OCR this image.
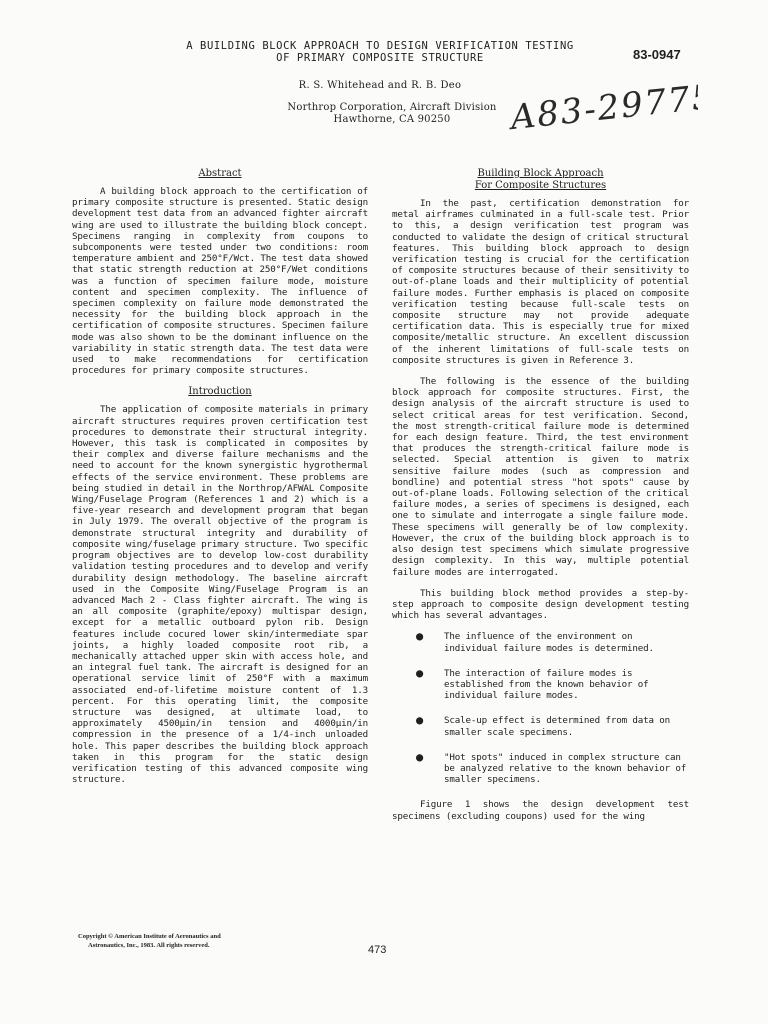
A BUILDING BLOCK APPROACH TO DESIGN VERIFICATION TESTING
OF PRIMARY COMPOSITE STRUCTURE	83-0947
R. S. Whitehead and R. B. Deo
Northrop Corporation, Aircraft Division
Hawthorne, CA 90250	A83-29775
Abstract

A building block approach to the certification of primary composite structure is presented. Static design development test data from an advanced fighter aircraft wing are used to illustrate the building block concept. Specimens ranging in complexity from coupons to subcomponents were tested under two conditions: room temperature ambient and 250°F/Wct. The test data showed that static strength reduction at 250°F/Wet conditions was a function of specimen failure mode, moisture content and specimen complexity. The influence of specimen complexity on failure mode demonstrated the necessity for the building block approach in the certification of composite structures. Specimen failure mode was also shown to be the dominant influence on the variability in static strength data. The test data were used to make recommendations for certification procedures for primary composite structures.

Introduction

The application of composite materials in primary aircraft structures requires proven certification test procedures to demonstrate their structural integrity. However, this task is complicated in composites by their complex and diverse failure mechanisms and the need to account for the known synergistic hygrothermal effects of the service environment. These problems are being studied in detail in the Northrop/AFWAL Composite Wing/Fuselage Program (References 1 and 2) which is a five-year research and development program that began in July 1979. The overall objective of the program is demonstrate structural integrity and durability of composite wing/fuselage primary structure. Two specific program objectives are to develop low-cost durability validation testing procedures and to develop and verify durability design methodology. The baseline aircraft used in the Composite Wing/Fuselage Program is an advanced Mach 2 - Class fighter aircraft. The wing is an all composite (graphite/epoxy) multispar design, except for a metallic outboard pylon rib. Design features include cocured lower skin/intermediate spar joints, a highly loaded composite root rib, a mechanically attached upper skin with access hole, and an integral fuel tank. The aircraft is designed for an operational service limit of 250°F with a maximum associated end-of-lifetime moisture content of 1.3 percent. For this operating limit, the composite structure was designed, at ultimate load, to approximately 4500µin/in tension and 4000µin/in compression in the presence of a 1/4-inch unloaded hole. This paper describes the building block approach taken in this program for the static design verification testing of this advanced composite wing structure.

Building Block Approach
For Composite Structures

In the past, certification demonstration for metal airframes culminated in a full-scale test. Prior to this, a design verification test program was conducted to validate the design of critical structural features. This building block approach to design verification testing is crucial for the certification of composite structures because of their sensitivity to out-of-plane loads and their multiplicity of potential failure modes. Further emphasis is placed on composite verification testing because full-scale tests on composite structure may not provide adequate certification data. This is especially true for mixed composite/metallic structure. An excellent discussion of the inherent limitations of full-scale tests on composite structures is given in Reference 3.

The following is the essence of the building block approach for composite structures. First, the design analysis of the aircraft structure is used to select critical areas for test verification. Second, the most strength-critical failure mode is determined for each design feature. Third, the test environment that produces the strength-critical failure mode is selected. Special attention is given to matrix sensitive failure modes (such as compression and bondline) and potential stress "hot spots" cause by out-of-plane loads. Following selection of the critical failure modes, a series of specimens is designed, each one to simulate and interrogate a single failure mode. These specimens will generally be of low complexity. However, the crux of the building block approach is to also design test specimens which simulate progressive design complexity. In this way, multiple potential failure modes are interrogated.

This building block method provides a step-by-step approach to composite design development testing which has several advantages.

● The influence of the environment on individual failure modes is determined.
● The interaction of failure modes is established from the known behavior of individual failure modes.
● Scale-up effect is determined from data on smaller scale specimens.
● "Hot spots" induced in complex structure can be analyzed relative to the known behavior of smaller specimens.

Figure 1 shows the design development test specimens (excluding coupons) used for the wing

Copyright © American Institute of Aeronautics and
Astronautics, Inc., 1983. All rights reserved.	473
